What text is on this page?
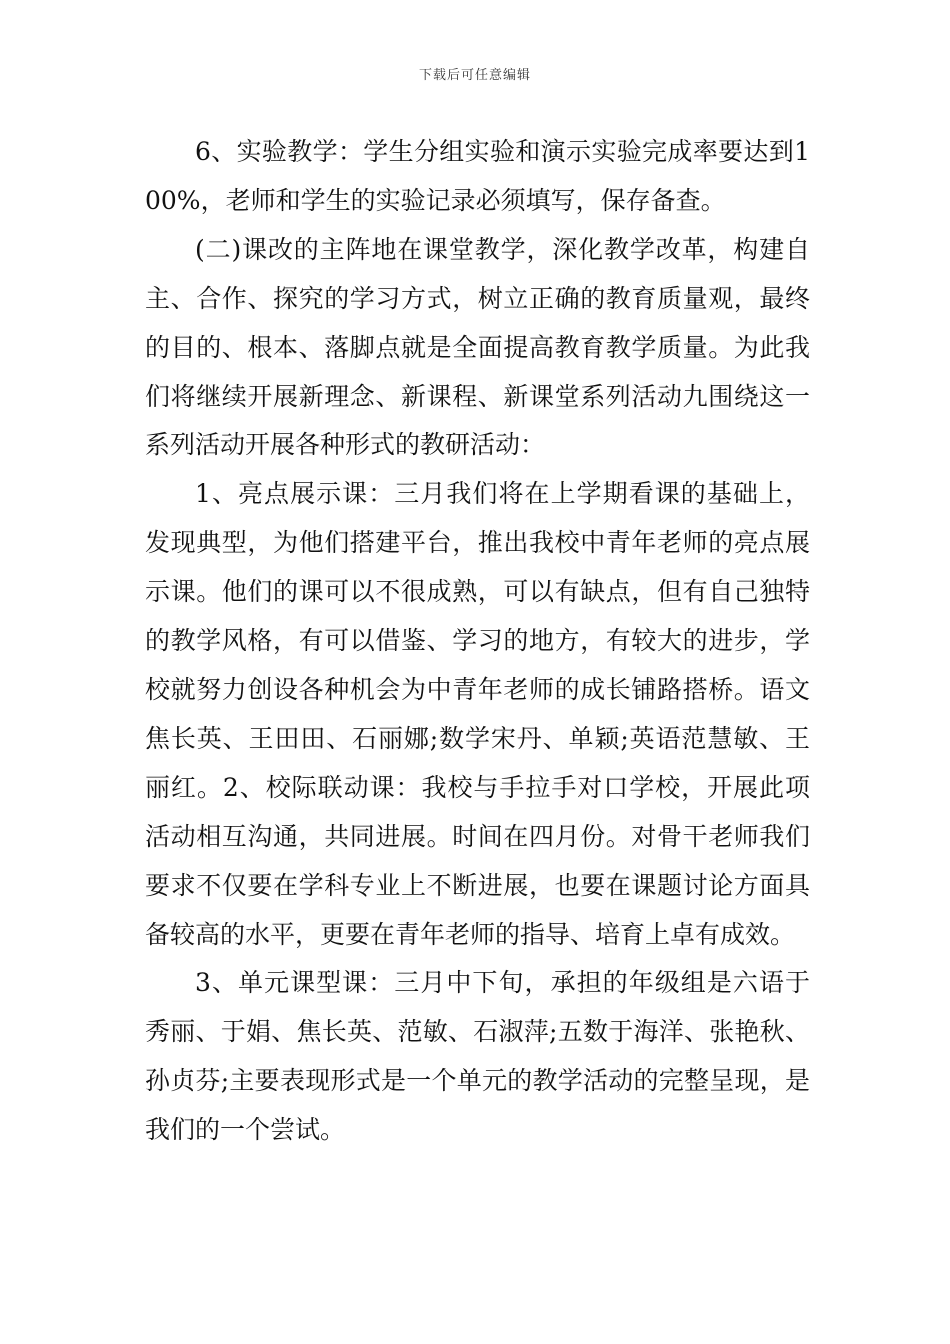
下载后可任意编辑

6、实验教学：学生分组实验和演示实验完成率要达到100%，老师和学生的实验记录必须填写，保存备查。

(二)课改的主阵地在课堂教学，深化教学改革，构建自主、合作、探究的学习方式，树立正确的教育质量观，最终的目的、根本、落脚点就是全面提高教育教学质量。为此我们将继续开展新理念、新课程、新课堂系列活动九围绕这一系列活动开展各种形式的教研活动：

1、亮点展示课：三月我们将在上学期看课的基础上，发现典型，为他们搭建平台，推出我校中青年老师的亮点展示课。他们的课可以不很成熟，可以有缺点，但有自己独特的教学风格，有可以借鉴、学习的地方，有较大的进步，学校就努力创设各种机会为中青年老师的成长铺路搭桥。语文焦长英、王田田、石丽娜;数学宋丹、单颖;英语范慧敏、王丽红。2、校际联动课：我校与手拉手对口学校，开展此项活动相互沟通，共同进展。时间在四月份。对骨干老师我们要求不仅要在学科专业上不断进展，也要在课题讨论方面具备较高的水平，更要在青年老师的指导、培育上卓有成效。

3、单元课型课：三月中下旬，承担的年级组是六语于秀丽、于娟、焦长英、范敏、石淑萍;五数于海洋、张艳秋、孙贞芬;主要表现形式是一个单元的教学活动的完整呈现，是我们的一个尝试。
